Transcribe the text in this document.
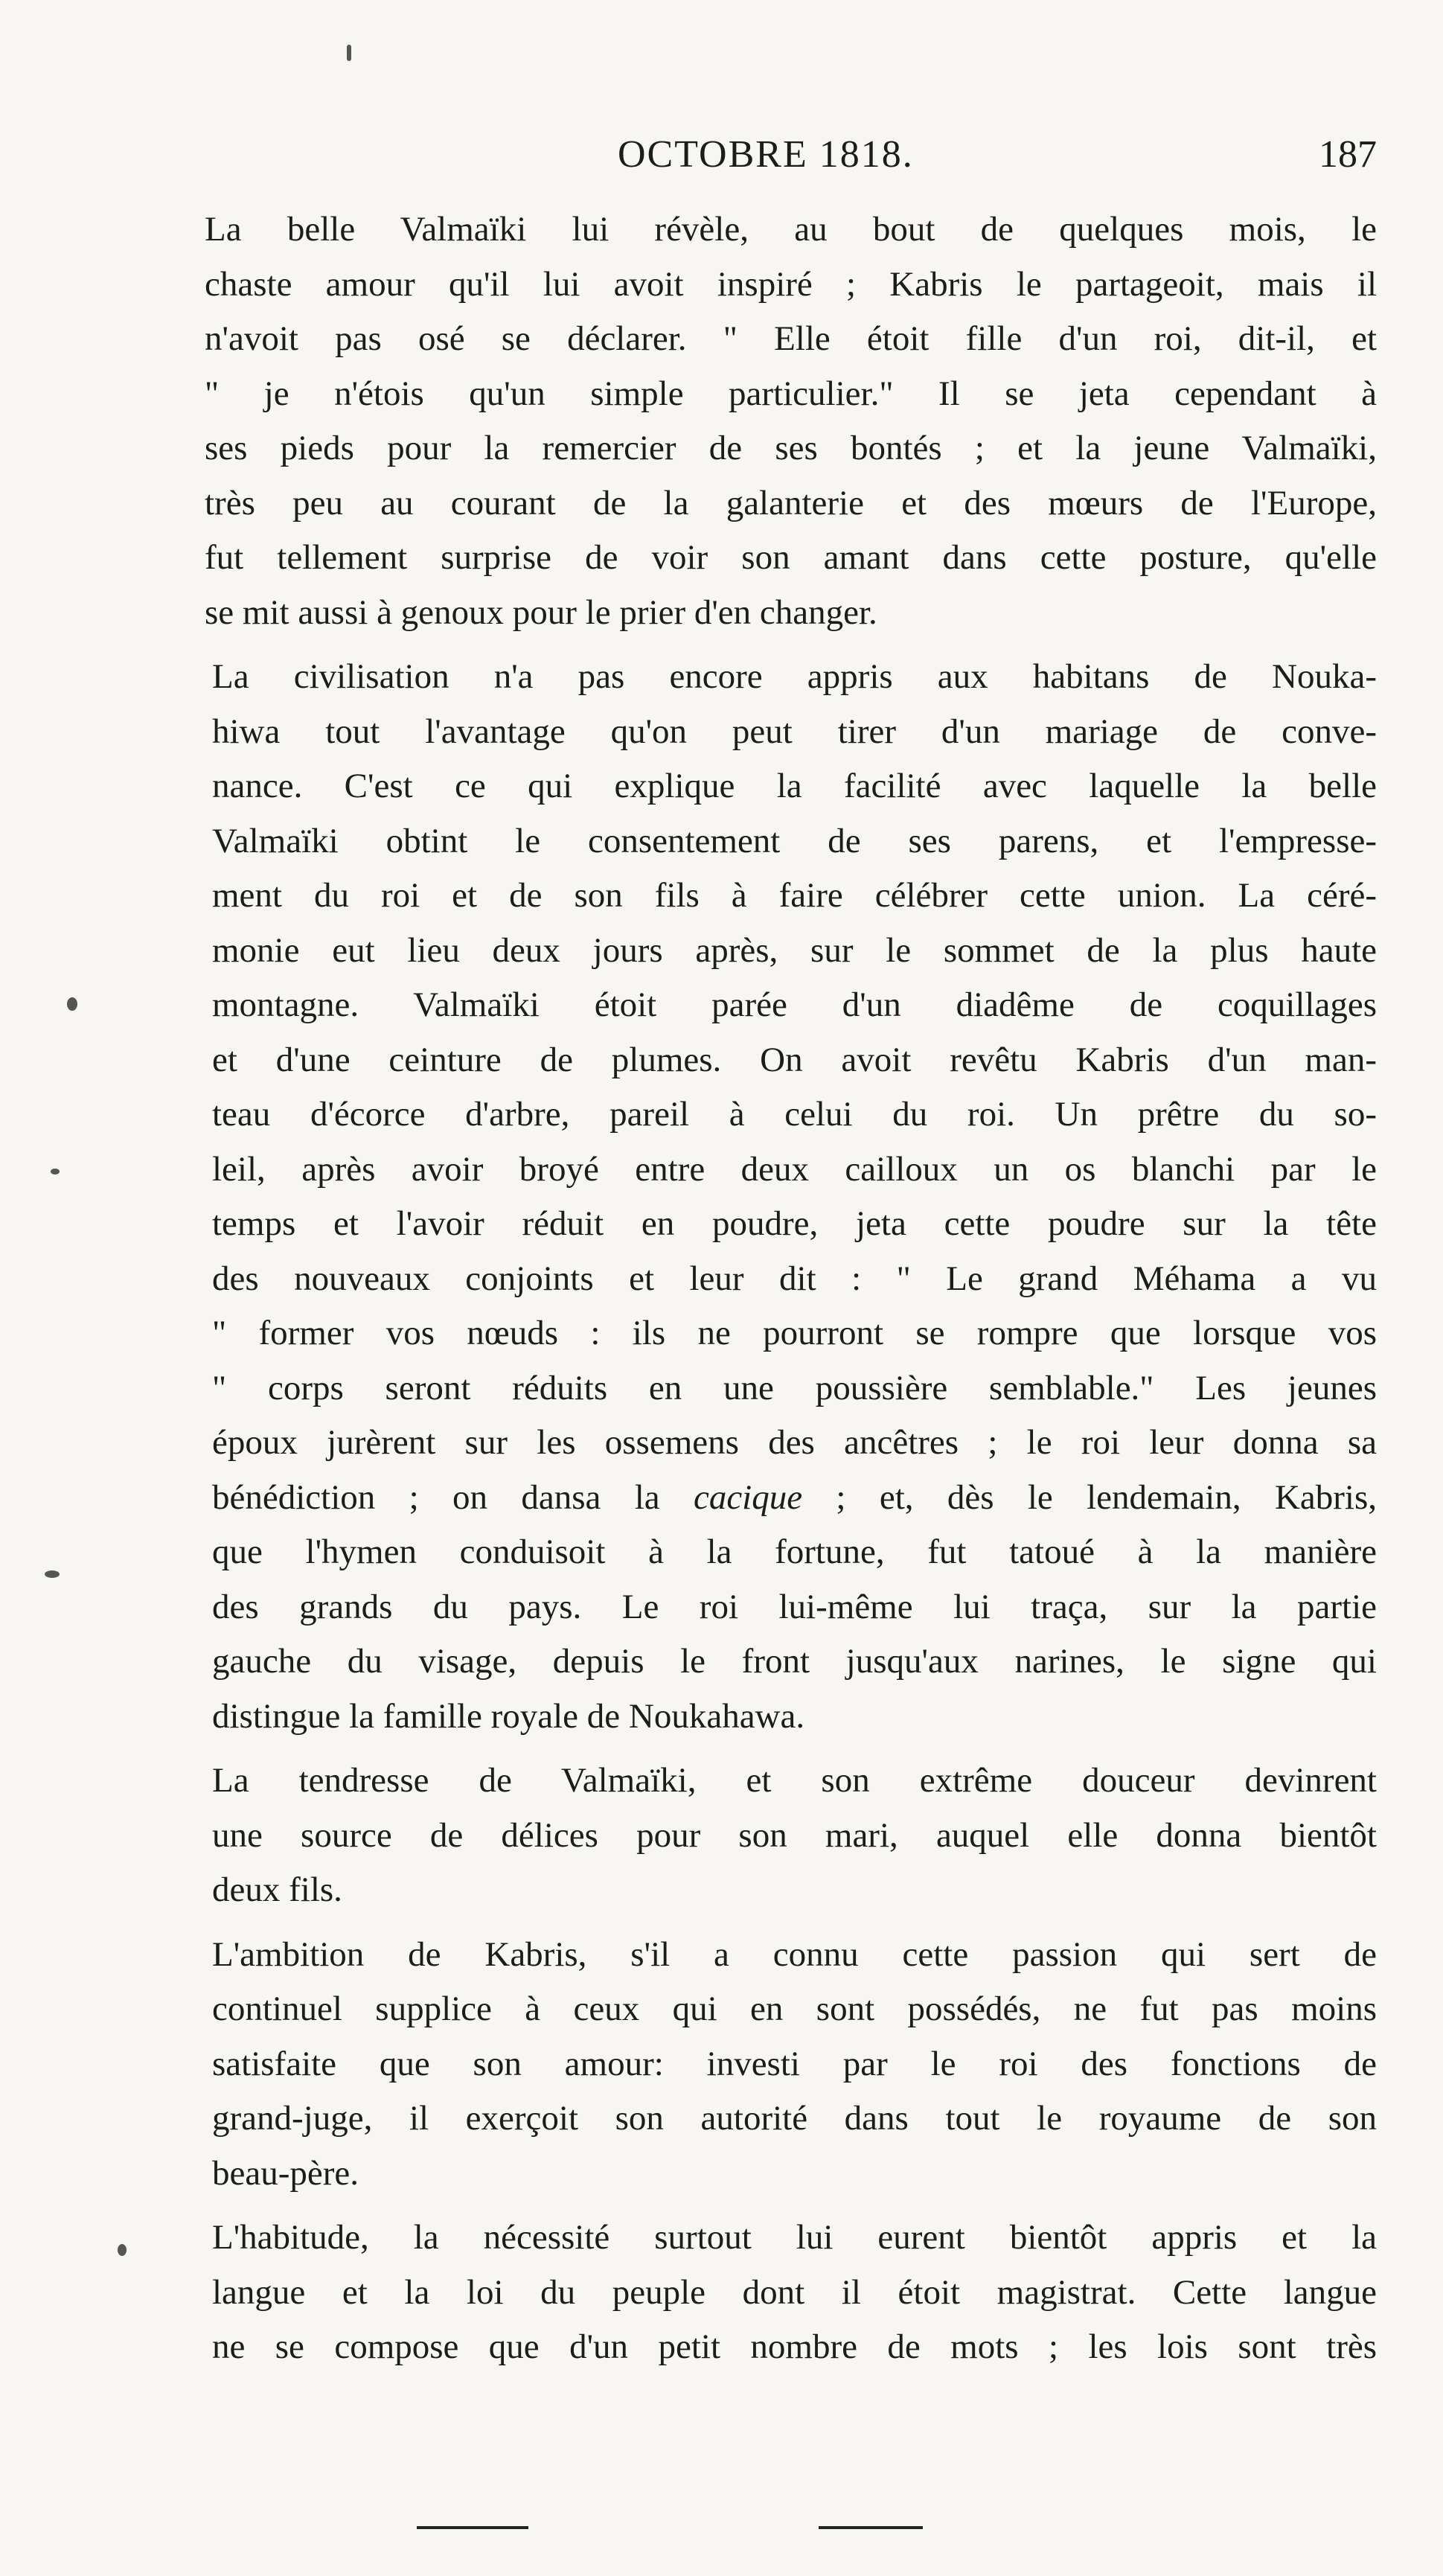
OCTOBRE 1818.	187
La belle Valmaïki lui révèle, au bout de quelques mois, le
chaste amour qu'il lui avoit inspiré ; Kabris le partageoit, mais il
n'avoit pas osé se déclarer. " Elle étoit fille d'un roi, dit-il, et
" je n'étois qu'un simple particulier." Il se jeta cependant à
ses pieds pour la remercier de ses bontés ; et la jeune Valmaïki,
très peu au courant de la galanterie et des mœurs de l'Europe,
fut tellement surprise de voir son amant dans cette posture, qu'elle
se mit aussi à genoux pour le prier d'en changer.
La civilisation n'a pas encore appris aux habitans de Nouka-
hiwa tout l'avantage qu'on peut tirer d'un mariage de conve-
nance. C'est ce qui explique la facilité avec laquelle la belle
Valmaïki obtint le consentement de ses parens, et l'empresse-
ment du roi et de son fils à faire célébrer cette union. La céré-
monie eut lieu deux jours après, sur le sommet de la plus haute
montagne. Valmaïki étoit parée d'un diadême de coquillages
et d'une ceinture de plumes. On avoit revêtu Kabris d'un man-
teau d'écorce d'arbre, pareil à celui du roi. Un prêtre du so-
leil, après avoir broyé entre deux cailloux un os blanchi par le
temps et l'avoir réduit en poudre, jeta cette poudre sur la tête
des nouveaux conjoints et leur dit : " Le grand Méhama a vu
" former vos nœuds : ils ne pourront se rompre que lorsque vos
" corps seront réduits en une poussière semblable." Les jeunes
époux jurèrent sur les ossemens des ancêtres ; le roi leur donna sa
bénédiction ; on dansa la cacique ; et, dès le lendemain, Kabris,
que l'hymen conduisoit à la fortune, fut tatoué à la manière
des grands du pays. Le roi lui-même lui traça, sur la partie
gauche du visage, depuis le front jusqu'aux narines, le signe qui
distingue la famille royale de Noukahawa.
La tendresse de Valmaïki, et son extrême douceur devinrent
une source de délices pour son mari, auquel elle donna bientôt
deux fils.
L'ambition de Kabris, s'il a connu cette passion qui sert de
continuel supplice à ceux qui en sont possédés, ne fut pas moins
satisfaite que son amour: investi par le roi des fonctions de
grand-juge, il exerçoit son autorité dans tout le royaume de son
beau-père.
L'habitude, la nécessité surtout lui eurent bientôt appris et la
langue et la loi du peuple dont il étoit magistrat. Cette langue
ne se compose que d'un petit nombre de mots ; les lois sont très
